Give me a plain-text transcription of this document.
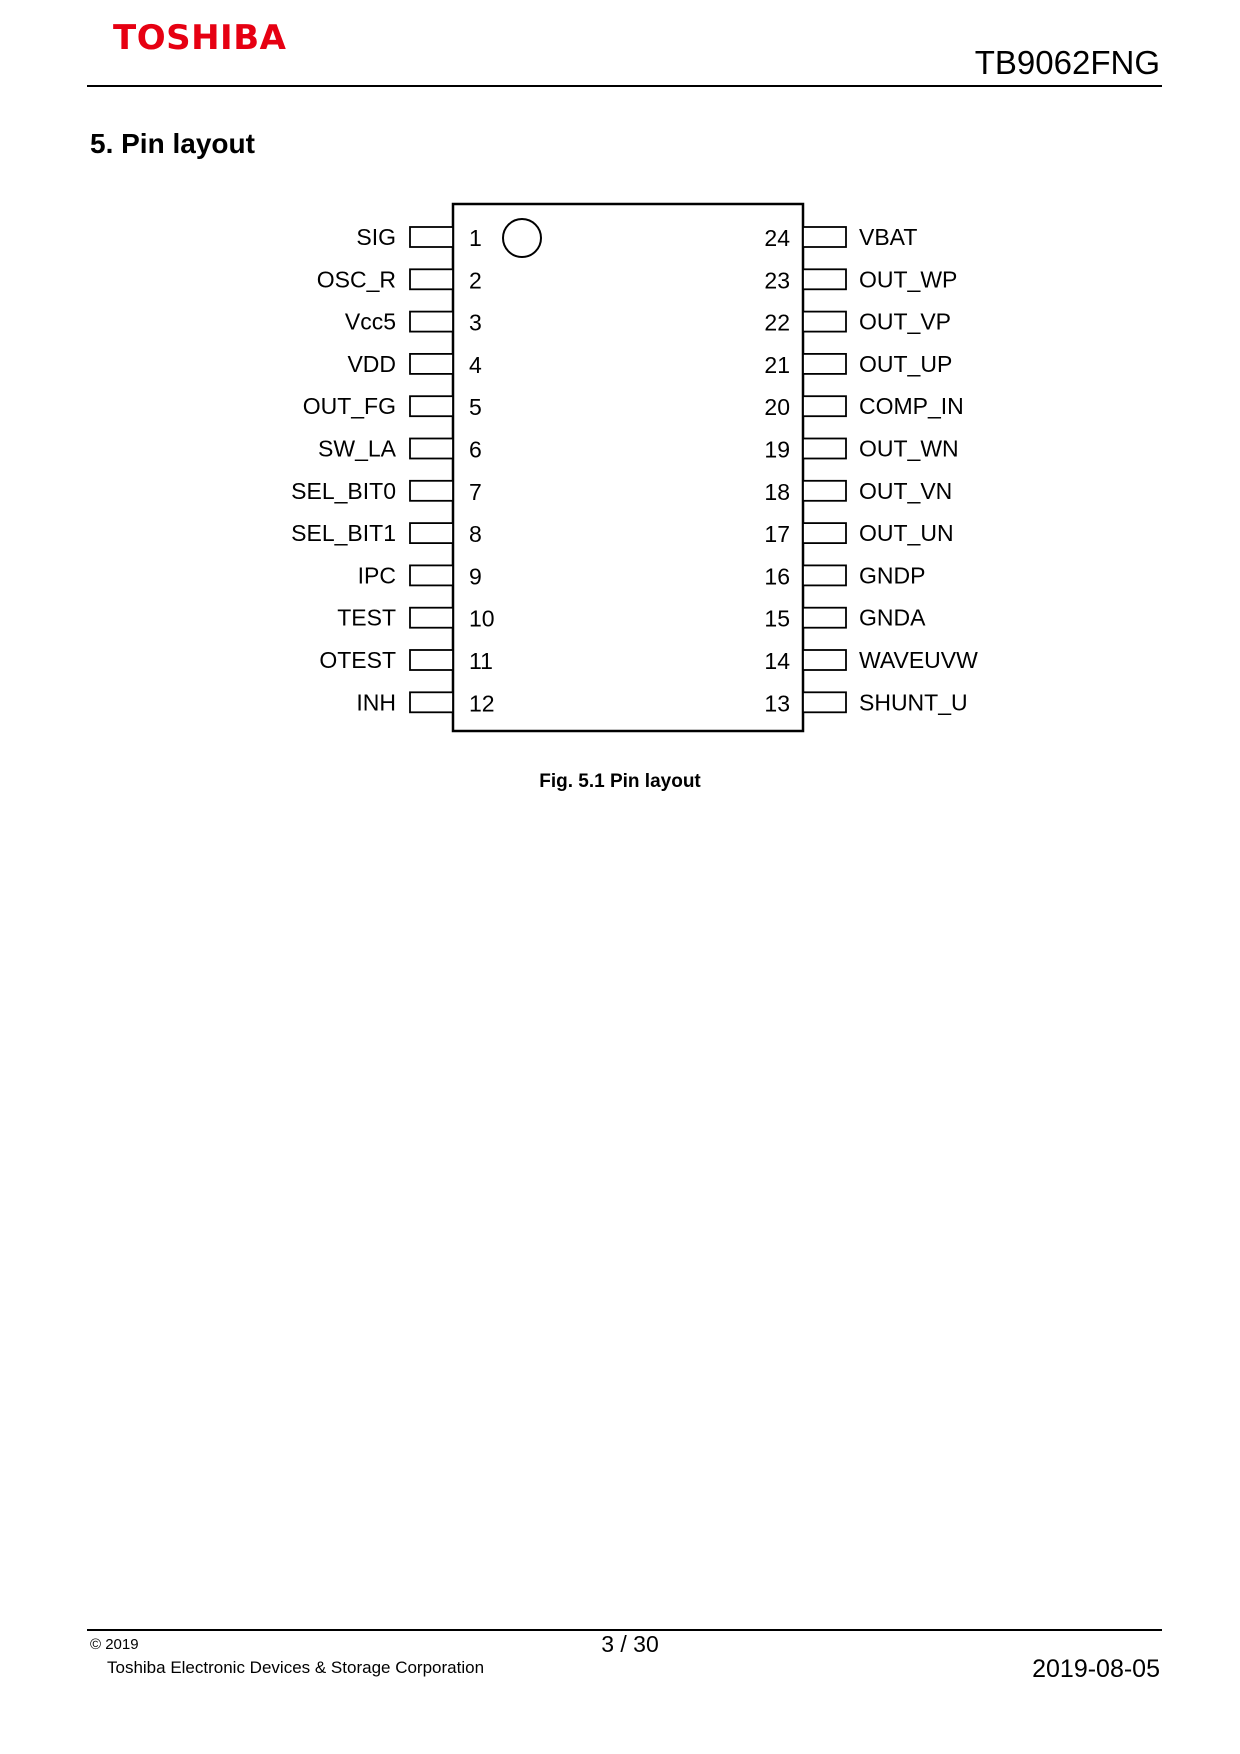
TOSHIBA
TB9062FNG
5. Pin layout
SIG	1
OSC_R	2
Vcc5	3
VDD	4
OUT_FG	5
SW_LA	6
SEL_BIT0	7
SEL_BIT1	8
IPC	9
TEST	10
OTEST	11
INH	12
VBAT
24
OUT_WP
23
OUT_VP
22
OUT_UP
21
COMP_IN
20
OUT_WN
19
OUT_VN
18
OUT_UN
17
GNDP
16
GNDA
15
WAVEUVW
14
SHUNT_U
13
Fig. 5.1 Pin layout
© 2019
Toshiba Electronic Devices & Storage Corporation
3 / 30
2019-08-05
